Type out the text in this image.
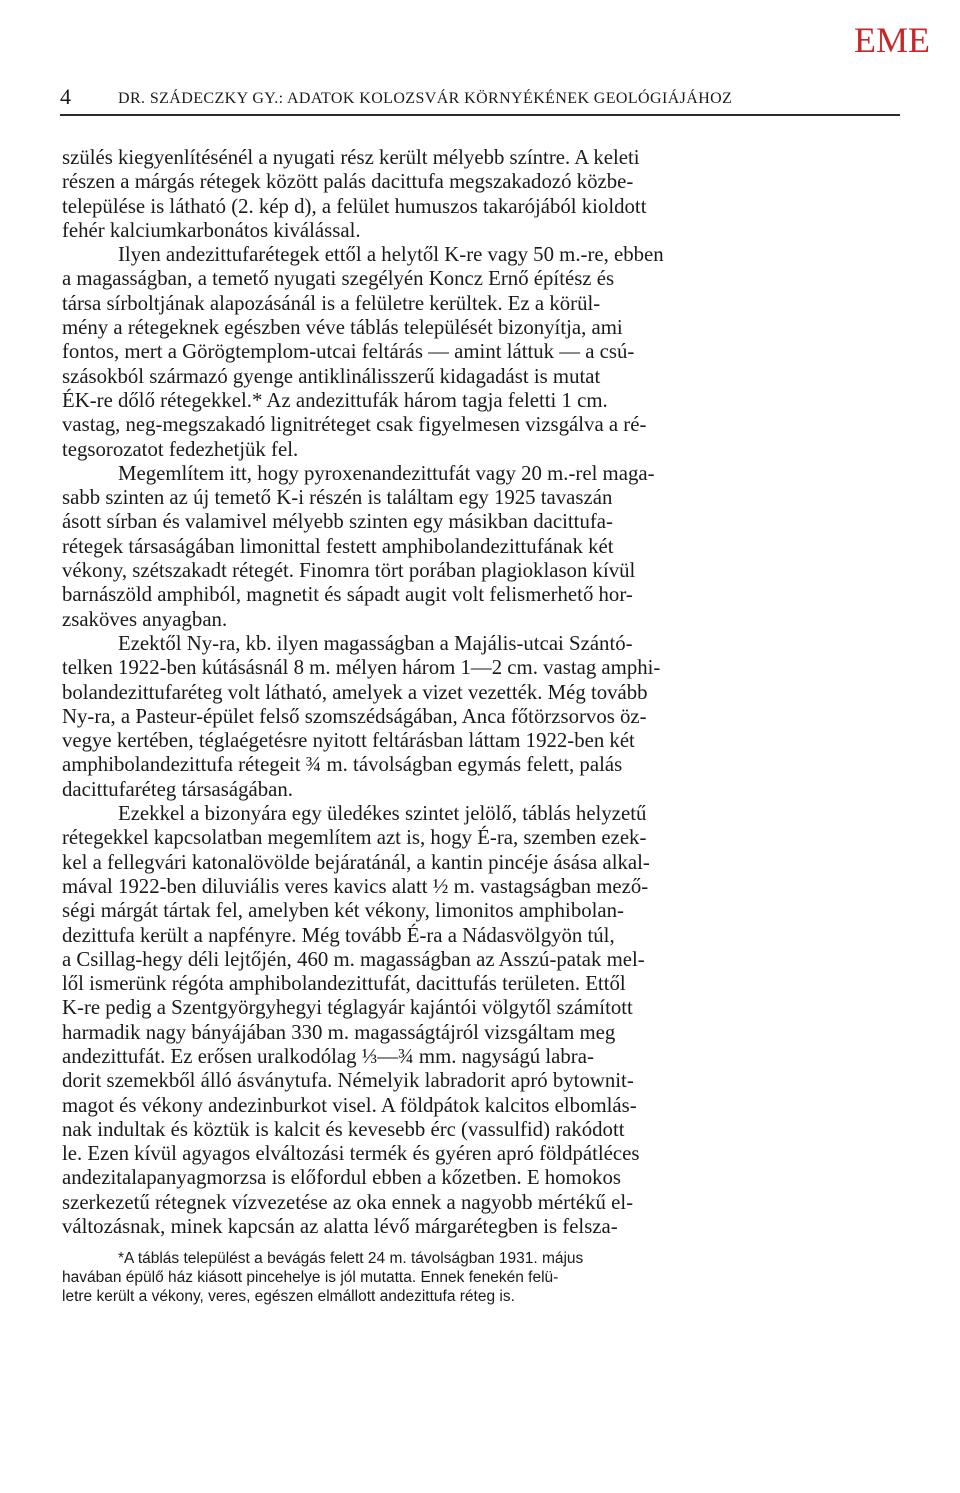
EME
4	DR. SZÁDECZKY GY.: ADATOK KOLOZSVÁR KÖRNYÉKÉNEK GEOLÓGIÁJÁHOZ

szülés kiegyenlítésénél a nyugati rész került mélyebb színtre. A keleti
részen a márgás rétegek között palás dacittufa megszakadozó közbe-
települése is látható (2. kép d), a felület humuszos takarójából kioldott
fehér kalciumkarbonátos kiválással.

Ilyen andezittufarétegek ettől a helytől K-re vagy 50 m.-re, ebben

a magasságban, a temető nyugati szegélyén Koncz Ernő építész és
társa sírboltjának alapozásánál is a felületre kerültek. Ez a körül-
mény a rétegeknek egészben véve táblás települését bizonyítja, ami
fontos, mert a Görögtemplom-utcai feltárás — amint láttuk — a csú-
szásokból származó gyenge antiklinálisszerű kidagadást is mutat
ÉK-re dőlő rétegekkel.* Az andezittufák három tagja feletti 1 cm.
vastag, neg-megszakadó lignitréteget csak figyelmesen vizsgálva a ré-
tegsorozatot fedezhetjük fel.

Megemlítem itt, hogy pyroxenandezittufát vagy 20 m.-rel maga-

sabb szinten az új temető K-i részén is találtam egy 1925 tavaszán
ásott sírban és valamivel mélyebb szinten egy másikban dacittufa-
rétegek társaságában limonittal festett amphibolandezittufának két
vékony, szétszakadt rétegét. Finomra tört porában plagioklason kívül
barnászöld amphiból, magnetit és sápadt augit volt felismerhető hor-
zsaköves anyagban.

Ezektől Ny-ra, kb. ilyen magasságban a Majális-utcai Szántó-

telken 1922-ben kútásásnál 8 m. mélyen három 1—2 cm. vastag amphi-
bolandezittufaréteg volt látható, amelyek a vizet vezették. Még tovább
Ny-ra, a Pasteur-épület felső szomszédságában, Anca főtörzsorvos öz-
vegye kertében, téglaégetésre nyitott feltárásban láttam 1922-ben két
amphibolandezittufa rétegeit ¾ m. távolságban egymás felett, palás
dacittufaréteg társaságában.

Ezekkel a bizonyára egy üledékes szintet jelölő, táblás helyzetű

rétegekkel kapcsolatban megemlítem azt is, hogy É-ra, szemben ezek-
kel a fellegvári katonalövölde bejáratánál, a kantin pincéje ásása alkal-
mával 1922-ben diluviális veres kavics alatt ½ m. vastagságban mező-
ségi márgát tártak fel, amelyben két vékony, limonitos amphibolan-
dezittufa került a napfényre. Még tovább É-ra a Nádasvölgyön túl,
a Csillag-hegy déli lejtőjén, 460 m. magasságban az Asszú-patak mel-
lől ismerünk régóta amphibolandezittufát, dacittufás területen. Ettől
K-re pedig a Szentgyörgyhegyi téglagyár kajántói völgytől számított
harmadik nagy bányájában 330 m. magasságtájról vizsgáltam meg
andezittufát. Ez erősen uralkodólag ⅓—¾ mm. nagyságú labra-
dorit szemekből álló ásványtufa. Némelyik labradorit apró bytownit-
magot és vékony andezinburkot visel. A földpátok kalcitos elbomlás-
nak indultak és köztük is kalcit és kevesebb érc (vassulfid) rakódott
le. Ezen kívül agyagos elváltozási termék és gyéren apró földpátléces
andezitalapanyagmorzsa is előfordul ebben a kőzetben. E homokos
szerkezetű rétegnek vízvezetése az oka ennek a nagyobb mértékű el-
változásnak, minek kapcsán az alatta lévő márgarétegben is felsza-

*A táblás települést a bevágás felett 24 m. távolságban 1931. május
havában épülő ház kiásott pincehelye is jól mutatta. Ennek fenekén felü-
letre került a vékony, veres, egészen elmállott andezittufa réteg is.
